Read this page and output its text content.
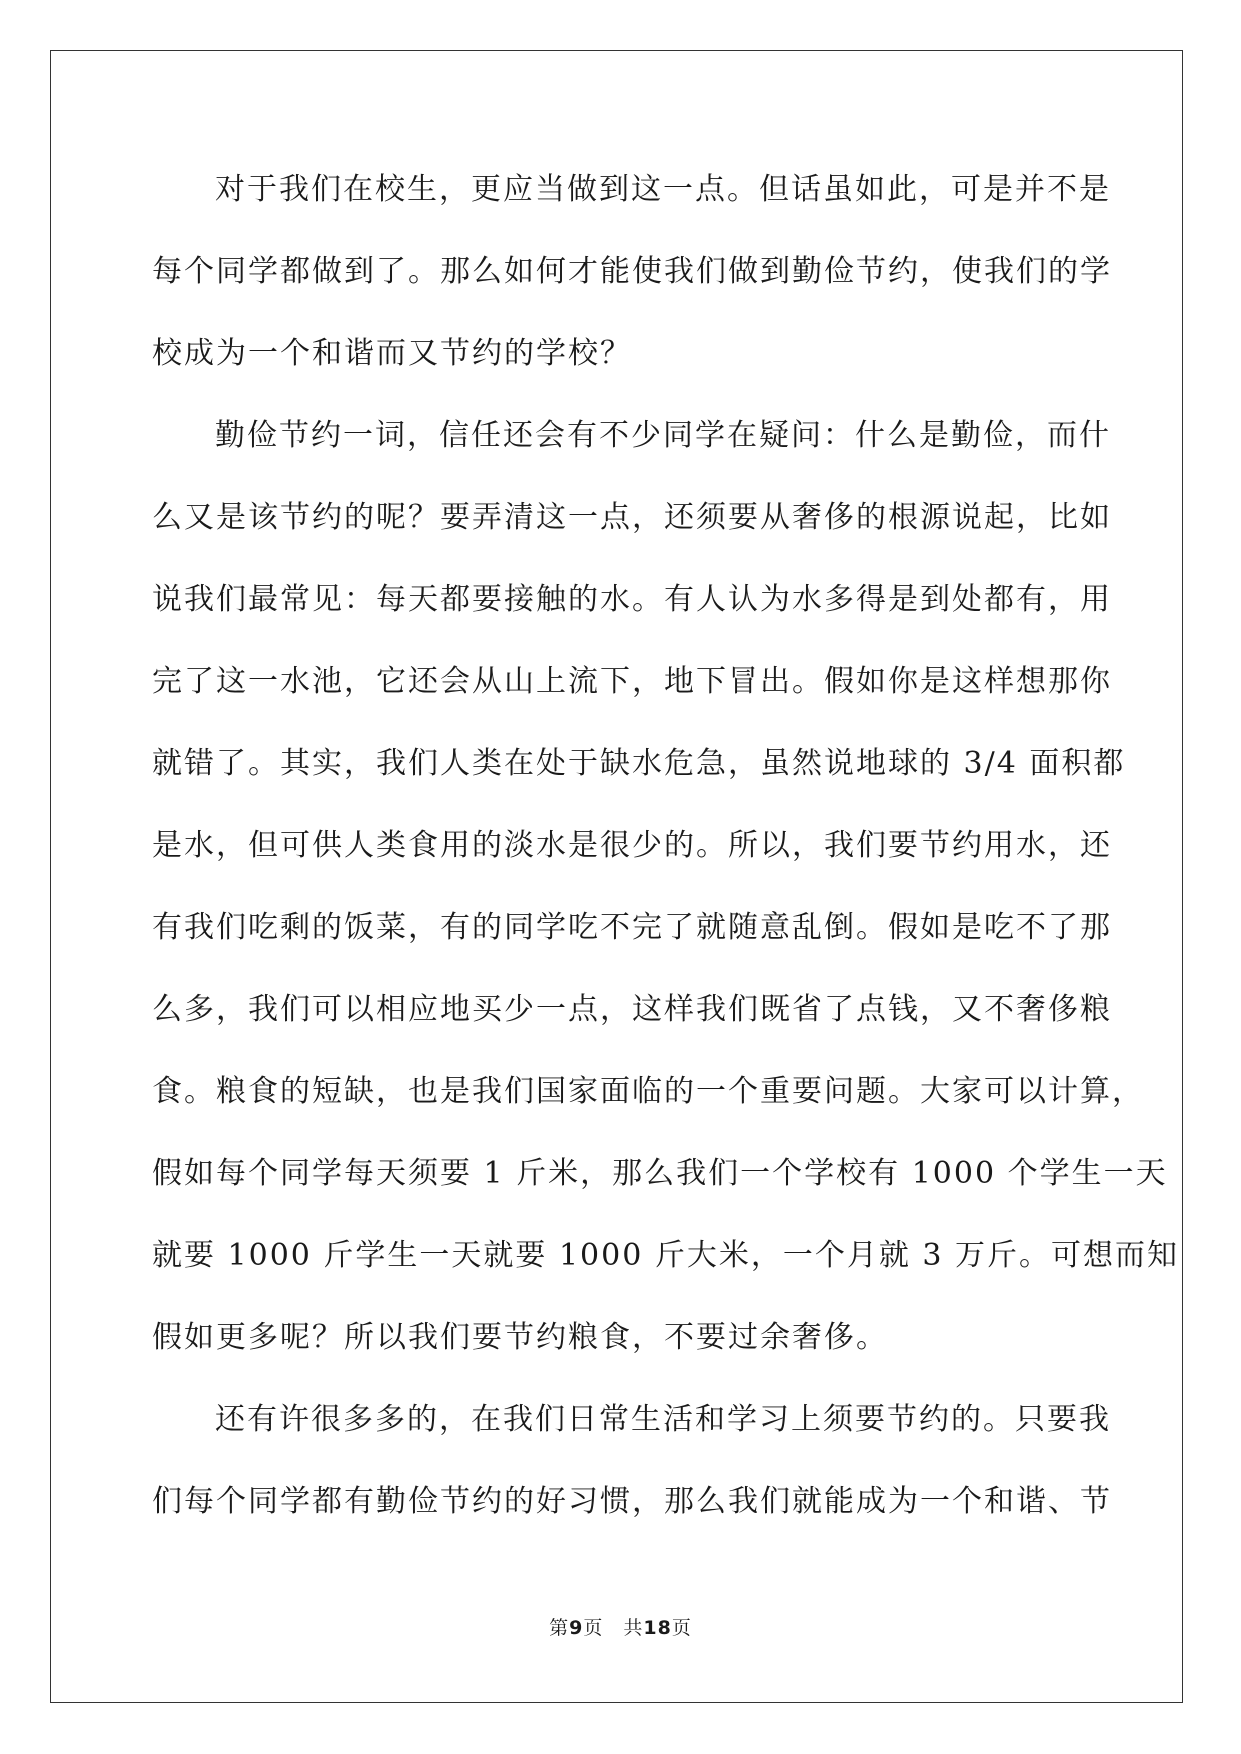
对于我们在校生，更应当做到这一点。但话虽如此，可是并不是
每个同学都做到了。那么如何才能使我们做到勤俭节约，使我们的学
校成为一个和谐而又节约的学校？
勤俭节约一词，信任还会有不少同学在疑问：什么是勤俭，而什
么又是该节约的呢？要弄清这一点，还须要从奢侈的根源说起，比如
说我们最常见：每天都要接触的水。有人认为水多得是到处都有，用
完了这一水池，它还会从山上流下，地下冒出。假如你是这样想那你
就错了。其实，我们人类在处于缺水危急，虽然说地球的 3/4 面积都
是水，但可供人类食用的淡水是很少的。所以，我们要节约用水，还
有我们吃剩的饭菜，有的同学吃不完了就随意乱倒。假如是吃不了那
么多，我们可以相应地买少一点，这样我们既省了点钱，又不奢侈粮
食。粮食的短缺，也是我们国家面临的一个重要问题。大家可以计算，
假如每个同学每天须要 1 斤米，那么我们一个学校有 1000 个学生一天
就要 1000 斤学生一天就要 1000 斤大米，一个月就 3 万斤。可想而知
假如更多呢？所以我们要节约粮食，不要过余奢侈。
还有许很多多的，在我们日常生活和学习上须要节约的。只要我
们每个同学都有勤俭节约的好习惯，那么我们就能成为一个和谐、节
第9页 共18页
